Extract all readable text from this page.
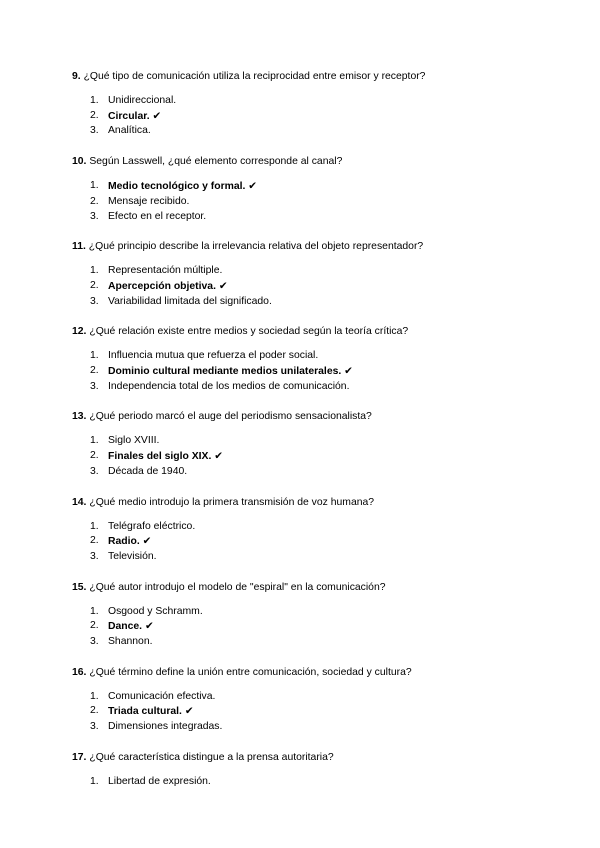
9. ¿Qué tipo de comunicación utiliza la reciprocidad entre emisor y receptor?
1. Unidireccional.
2. Circular. ✔
3. Analítica.
10. Según Lasswell, ¿qué elemento corresponde al canal?
1. Medio tecnológico y formal. ✔
2. Mensaje recibido.
3. Efecto en el receptor.
11. ¿Qué principio describe la irrelevancia relativa del objeto representador?
1. Representación múltiple.
2. Apercepción objetiva. ✔
3. Variabilidad limitada del significado.
12. ¿Qué relación existe entre medios y sociedad según la teoría crítica?
1. Influencia mutua que refuerza el poder social.
2. Dominio cultural mediante medios unilaterales. ✔
3. Independencia total de los medios de comunicación.
13. ¿Qué periodo marcó el auge del periodismo sensacionalista?
1. Siglo XVIII.
2. Finales del siglo XIX. ✔
3. Década de 1940.
14. ¿Qué medio introdujo la primera transmisión de voz humana?
1. Telégrafo eléctrico.
2. Radio. ✔
3. Televisión.
15. ¿Qué autor introdujo el modelo de "espiral" en la comunicación?
1. Osgood y Schramm.
2. Dance. ✔
3. Shannon.
16. ¿Qué término define la unión entre comunicación, sociedad y cultura?
1. Comunicación efectiva.
2. Triada cultural. ✔
3. Dimensiones integradas.
17. ¿Qué característica distingue a la prensa autoritaria?
1. Libertad de expresión.
